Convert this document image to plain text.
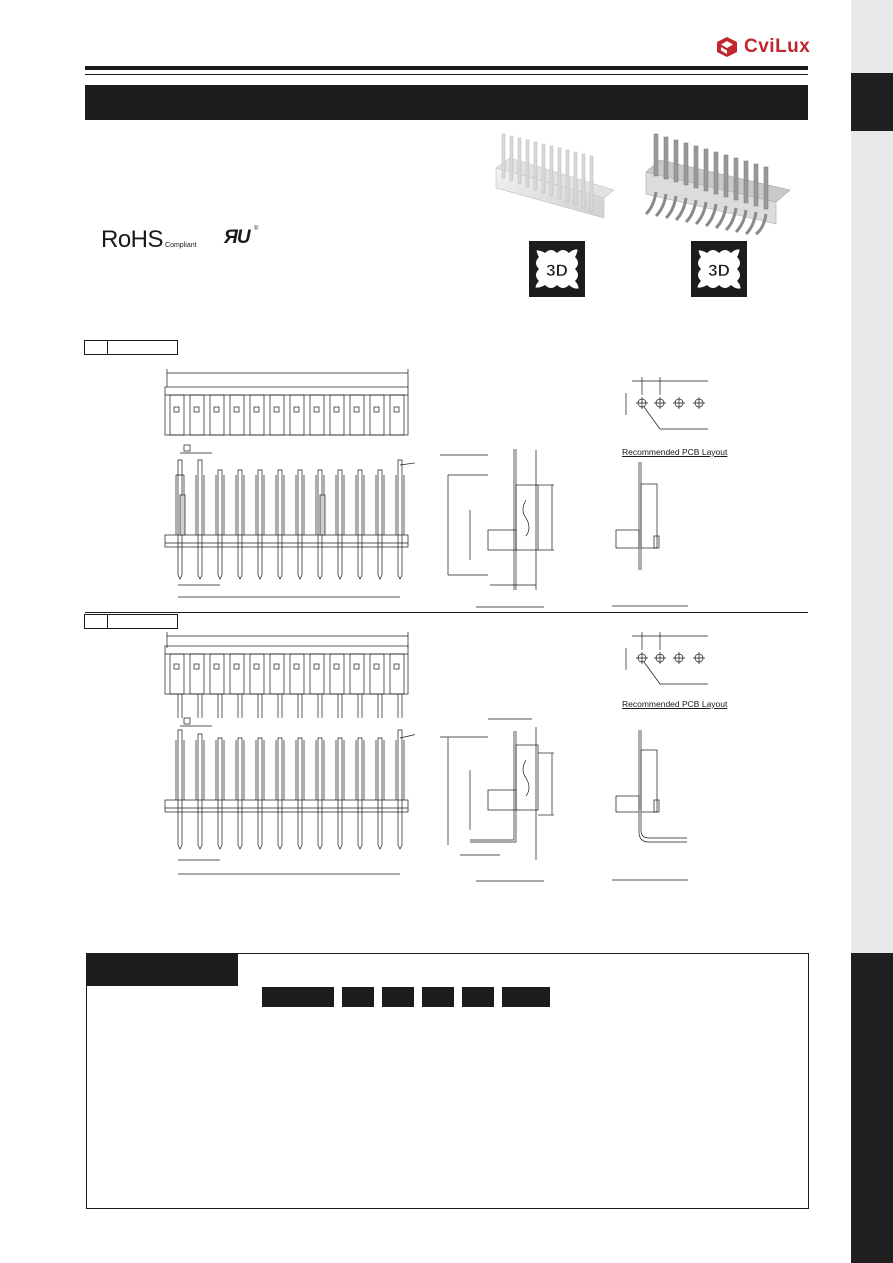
CviLux
RoHS Compliant ЯU ®
3D	3D
Recommended PCB Layout
Recommended PCB Layout
